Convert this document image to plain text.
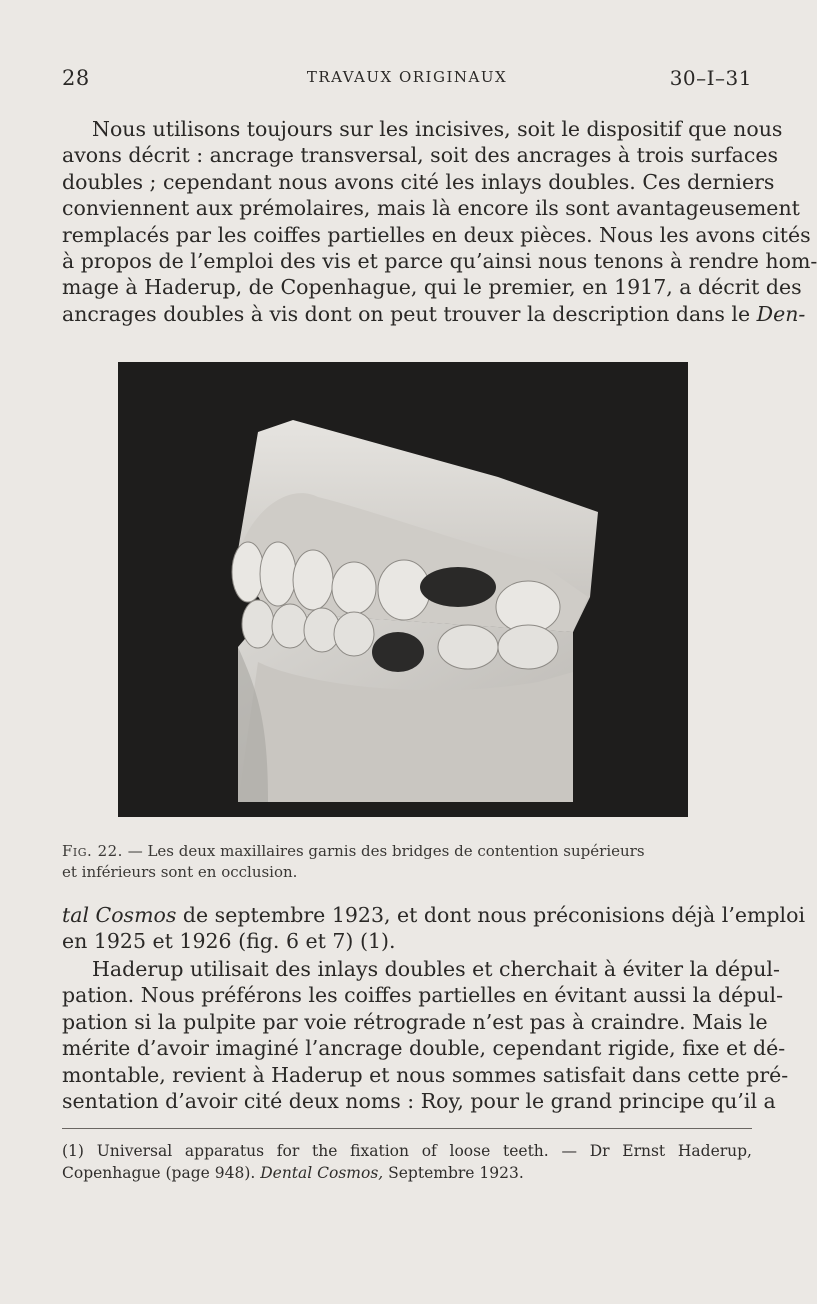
28	TRAVAUX ORIGINAUX	30–I–31
Nous utilisons toujours sur les incisives, soit le dispositif que nous
avons décrit : ancrage transversal, soit des ancrages à trois surfaces
doubles ; cependant nous avons cité les inlays doubles. Ces derniers
conviennent aux prémolaires, mais là encore ils sont avantageusement
remplacés par les coiffes partielles en deux pièces. Nous les avons cités
à propos de l’emploi des vis et parce qu’ainsi nous tenons à rendre hom-
mage à Haderup, de Copenhague, qui le premier, en 1917, a décrit des
ancrages doubles à vis dont on peut trouver la description dans le Den-
Fig. 22. — Les deux maxillaires garnis des bridges de contention supérieurs
et inférieurs sont en occlusion.
tal Cosmos de septembre 1923, et dont nous préconisions déjà l’emploi
en 1925 et 1926 (fig. 6 et 7) (1).
Haderup utilisait des inlays doubles et cherchait à éviter la dépul-
pation. Nous préférons les coiffes partielles en évitant aussi la dépul-
pation si la pulpite par voie rétrograde n’est pas à craindre. Mais le
mérite d’avoir imaginé l’ancrage double, cependant rigide, fixe et dé-
montable, revient à Haderup et nous sommes satisfait dans cette pré-
sentation d’avoir cité deux noms : Roy, pour le grand principe qu’il a
(1) Universal apparatus for the fixation of loose teeth. — Dr Ernst Haderup,
Copenhague (page 948). Dental Cosmos, Septembre 1923.
